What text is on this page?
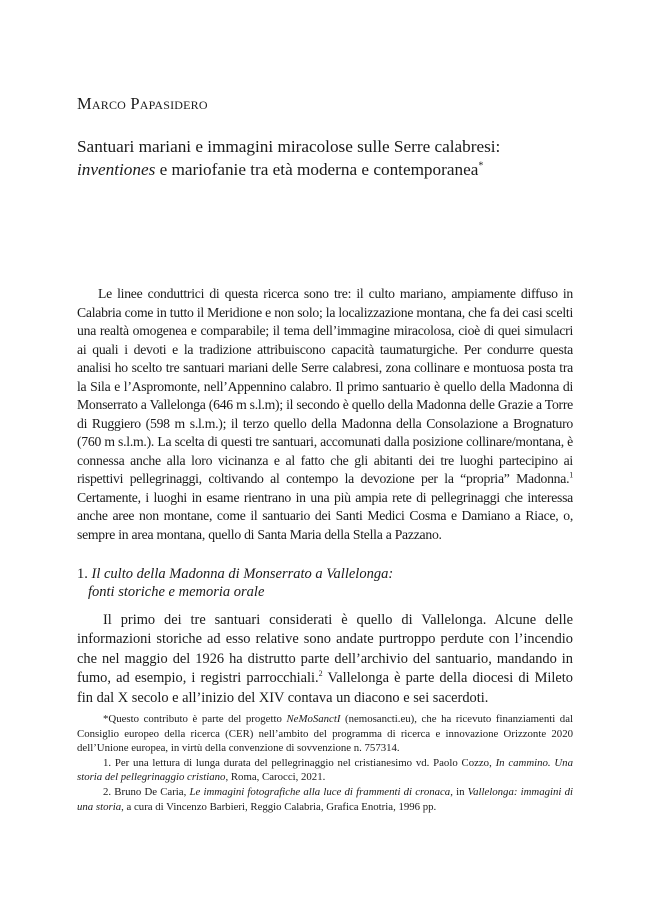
Marco Papasidero
Santuari mariani e immagini miracolose sulle Serre calabresi:
inventiones e mariofanie tra età moderna e contemporanea*

Le linee conduttrici di questa ricerca sono tre: il culto mariano, ampiamente diffuso in Calabria come in tutto il Meridione e non solo; la localizzazione montana, che fa dei casi scelti una realtà omogenea e comparabile; il tema dell’immagine miracolosa, cioè di quei simulacri ai quali i devoti e la tradizione attribuiscono capacità taumaturgiche. Per condurre questa analisi ho scelto tre santuari mariani delle Serre calabresi, zona collinare e montuosa posta tra la Sila e l’Aspromonte, nell’Appennino calabro. Il primo santuario è quello della Madonna di Monserrato a Vallelonga (646 m s.l.m); il secondo è quello della Madonna delle Grazie a Torre di Ruggiero (598 m s.l.m.); il terzo quello della Madonna della Consolazione a Brognaturo (760 m s.l.m.). La scelta di questi tre santuari, accomunati dalla posizione collinare/montana, è connessa anche alla loro vicinanza e al fatto che gli abitanti dei tre luoghi partecipino ai rispettivi pellegrinaggi, coltivando al contempo la devozione per la “propria” Madonna.$^1$ Certamente, i luoghi in esame rientrano in una più ampia rete di pellegrinaggi che interessa anche aree non montane, come il santuario dei Santi Medici Cosma e Damiano a Riace, o, sempre in area montana, quello di Santa Maria della Stella a Pazzano.

1. Il culto della Madonna di Monserrato a Vallelonga:
fonti storiche e memoria orale

Il primo dei tre santuari considerati è quello di Vallelonga. Alcune delle informazioni storiche ad esso relative sono andate purtroppo perdute con l’incendio che nel maggio del 1926 ha distrutto parte dell’archivio del santuario, mandando in fumo, ad esempio, i registri parrocchiali.$^2$ Vallelonga è parte della diocesi di Mileto fin dal X secolo e all’inizio del XIV contava un diacono e sei sacerdoti.

*Questo contributo è parte del progetto NeMoSanctI (nemosancti.eu), che ha ricevuto finanziamenti dal Consiglio europeo della ricerca (CER) nell’ambito del programma di ricerca e innovazione Orizzonte 2020 dell’Unione europea, in virtù della convenzione di sovvenzione n. 757314.

1. Per una lettura di lunga durata del pellegrinaggio nel cristianesimo vd. Paolo Cozzo, In cammino. Una storia del pellegrinaggio cristiano, Roma, Carocci, 2021.

2. Bruno De Caria, Le immagini fotografiche alla luce di frammenti di cronaca, in Vallelonga: immagini di una storia, a cura di Vincenzo Barbieri, Reggio Calabria, Grafica Enotria, 1996 pp.
